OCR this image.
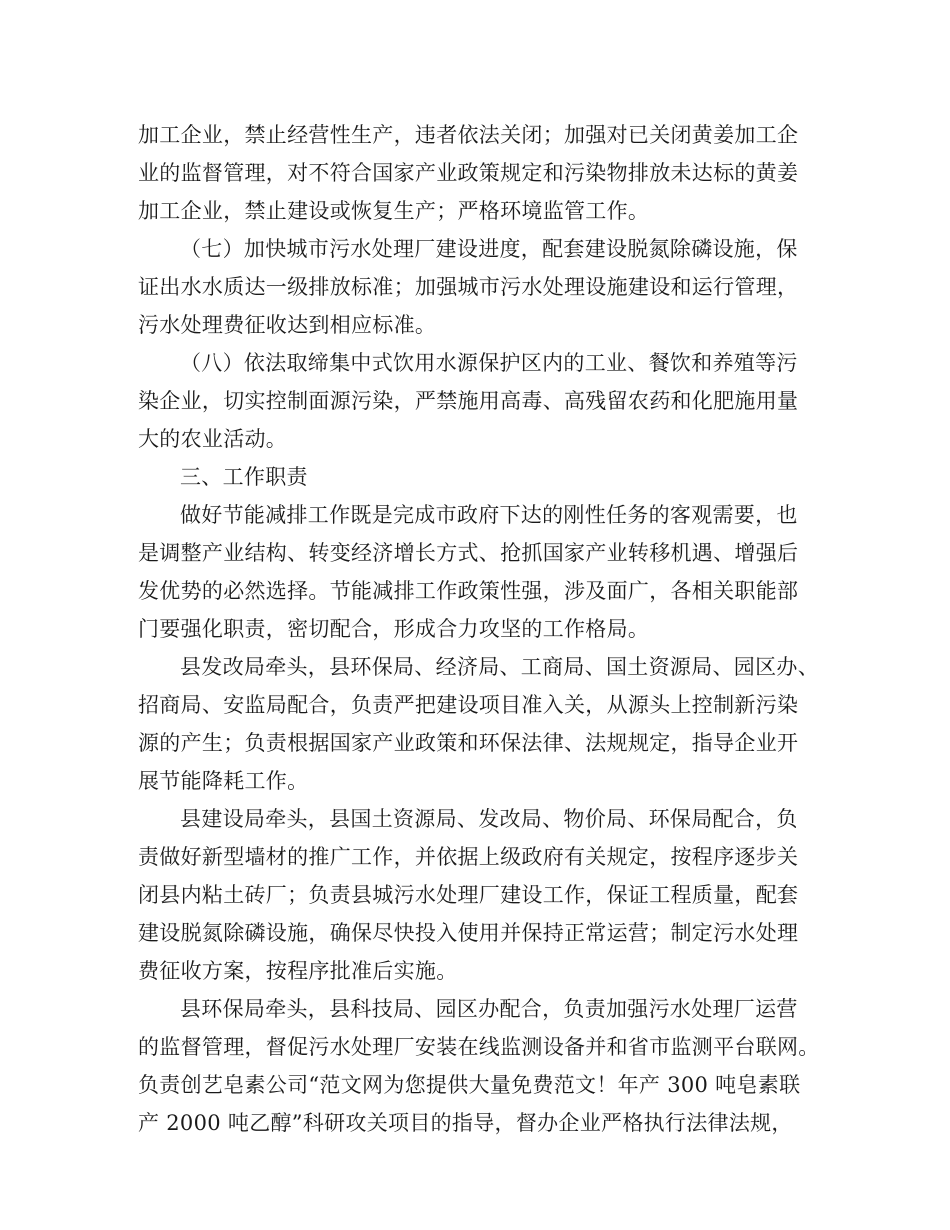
加工企业，禁止经营性生产，违者依法关闭；加强对已关闭黄姜加工企
业的监督管理，对不符合国家产业政策规定和污染物排放未达标的黄姜
加工企业，禁止建设或恢复生产；严格环境监管工作。
（七）加快城市污水处理厂建设进度，配套建设脱氮除磷设施，保
证出水水质达一级排放标准；加强城市污水处理设施建设和运行管理，
污水处理费征收达到相应标准。
（八）依法取缔集中式饮用水源保护区内的工业、餐饮和养殖等污
染企业，切实控制面源污染，严禁施用高毒、高残留农药和化肥施用量
大的农业活动。
三、工作职责
做好节能减排工作既是完成市政府下达的刚性任务的客观需要，也
是调整产业结构、转变经济增长方式、抢抓国家产业转移机遇、增强后
发优势的必然选择。节能减排工作政策性强，涉及面广，各相关职能部
门要强化职责，密切配合，形成合力攻坚的工作格局。
县发改局牵头，县环保局、经济局、工商局、国土资源局、园区办、
招商局、安监局配合，负责严把建设项目准入关，从源头上控制新污染
源的产生；负责根据国家产业政策和环保法律、法规规定，指导企业开
展节能降耗工作。
县建设局牵头，县国土资源局、发改局、物价局、环保局配合，负
责做好新型墙材的推广工作，并依据上级政府有关规定，按程序逐步关
闭县内粘土砖厂；负责县城污水处理厂建设工作，保证工程质量，配套
建设脱氮除磷设施，确保尽快投入使用并保持正常运营；制定污水处理
费征收方案，按程序批准后实施。
县环保局牵头，县科技局、园区办配合，负责加强污水处理厂运营
的监督管理，督促污水处理厂安装在线监测设备并和省市监测平台联网。
负责创艺皂素公司“范文网为您提供大量免费范文！年产 300 吨皂素联
产 2000 吨乙醇”科研攻关项目的指导，督办企业严格执行法律法规，
